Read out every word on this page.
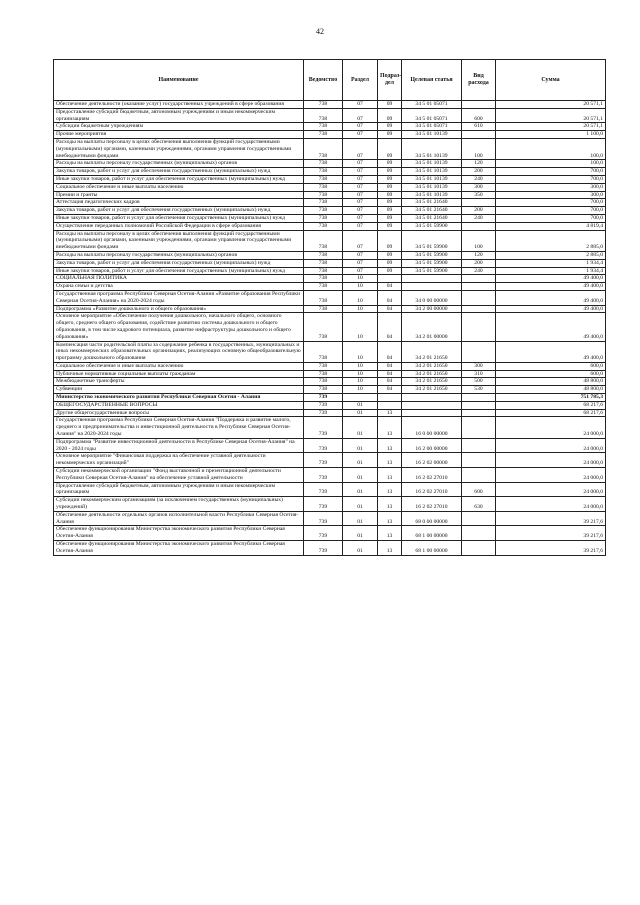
42
Наименование	Ведомство	Раздел	Подраз-дел	Целевая статья	Вид расхода	Сумма
Обеспечение деятельности (оказание услуг) государственных учреждений в сфере образования	738	07	09	34 5 01 05071		20 571,1
Предоставление субсидий бюджетным, автономным учреждениям и иным некоммерческим организациям	738	07	09	34 5 01 05071	600	20 571,1
Субсидии бюджетным учреждениям	738	07	09	34 5 01 05071	610	20 571,1
Прочие мероприятия	738	07	09	34 5 01 10139		1 100,0
Расходы на выплаты персоналу в целях обеспечения выполнения функций государственными (муниципальными) органами, казенными учреждениями, органами управления государственными внебюджетными фондами	738	07	09	34 5 01 10139	100	100,0
Расходы на выплаты персоналу государственных (муниципальных) органов	738	07	09	34 5 01 10139	120	100,0
Закупка товаров, работ и услуг для обеспечения государственных (муниципальных) нужд	738	07	09	34 5 01 10139	200	700,0
Иные закупки товаров, работ и услуг для обеспечения государственных (муниципальных) нужд	738	07	09	34 5 01 10139	240	700,0
Социальное обеспечение и иные выплаты населению	738	07	09	34 5 01 10139	300	300,0
Премии и гранты	738	07	09	34 5 01 10139	350	300,0
Аттестация педагогических кадров	738	07	09	34 5 01 21640		700,0
Закупка товаров, работ и услуг для обеспечения государственных (муниципальных) нужд	738	07	09	34 5 01 21640	200	700,0
Иные закупки товаров, работ и услуг для обеспечения государственных (муниципальных) нужд	738	07	09	34 5 01 21640	240	700,0
Осуществление переданных полномочий Российской Федерации в сфере образования	738	07	09	34 5 01 59900		4 819,4
Расходы на выплаты персоналу в целях обеспечения выполнения функций государственными (муниципальными) органами, казенными учреждениями, органами управления государственными внебюджетными фондами	738	07	09	34 5 01 59900	100	2 885,0
Расходы на выплаты персоналу государственных (муниципальных) органов	738	07	09	34 5 01 59900	120	2 885,0
Закупка товаров, работ и услуг для обеспечения государственных (муниципальных) нужд	738	07	09	34 5 01 59900	200	1 934,4
Иные закупки товаров, работ и услуг для обеспечения государственных (муниципальных) нужд	738	07	09	34 5 01 59900	240	1 934,4
СОЦИАЛЬНАЯ ПОЛИТИКА	738	10				49 400,0
Охрана семьи и детства	738	10	04			49 400,0
Государственная программа Республики Северная Осетия-Алания «Развитие образования Республики Северная Осетия-Алания» на 2020-2024 годы	738	10	04	34 0 00 00000		49 400,0
Подпрограмма «Развитие дошкольного и общего образования»	738	10	04	34 2 00 00000		49 400,0
Основное мероприятие «Обеспечение получения дошкольного, начального общего, основного общего, среднего общего образования, содействие развитию системы дошкольного и общего образования, в том числе кадрового потенциала, развитие инфраструктуры дошкольного и общего образования»	738	10	04	34 2 01 00000		49 400,0
Компенсация части родительской платы за содержание ребенка в государственных, муниципальных и иных некоммерческих образовательных организациях, реализующих основную общеобразовательную программу дошкольного образования	738	10	04	34 2 01 21650		49 400,0
Социальное обеспечение и иные выплаты населению	738	10	04	34 2 01 21650	300	600,0
Публичные нормативные социальные выплаты гражданам	738	10	04	34 2 01 21650	310	600,0
Межбюджетные трансферты	738	10	04	34 2 01 21650	500	48 800,0
Субвенции	738	10	04	34 2 01 21650	530	48 800,0
Министерство экономического развития Республики Северная Осетия - Алания	739					751 785,3
ОБЩЕГОСУДАРСТВЕННЫЕ ВОПРОСЫ	739	01				68 217,6
Другие общегосударственные вопросы	739	01	13			68 217,6
Государственная программа Республики Северная Осетия-Алания "Поддержка и развитие малого, среднего и предпринимательства и инвестиционной деятельности в Республике Северная Осетия-Алания" на 2020-2024 годы	739	01	13	16 0 00 00000		24 000,0
Подпрограмма "Развитие инвестиционной деятельности в Республике Северная Осетия-Алания" на 2020 - 2024 годы	739	01	13	16 2 00 00000		24 000,0
Основное мероприятие "Финансовая поддержка на обеспечение уставной деятельности некоммерческих организаций"	739	01	13	16 2 02 00000		24 000,0
Субсидии некоммерческой организации "Фонд выставочной и презентационной деятельности Республики Северная Осетия-Алания" на обеспечение уставной деятельности	739	01	13	16 2 02 27010		24 000,0
Предоставление субсидий бюджетным, автономным учреждениям и иным некоммерческим организациям	739	01	13	16 2 02 27010	600	24 000,0
Субсидии некоммерческим организациям (за исключением государственных (муниципальных) учреждений)	739	01	13	16 2 02 27010	630	24 000,0
Обеспечение деятельности отдельных органов исполнительной власти Республики Северная Осетия-Алания	739	01	13	68 0 00 00000		39 217,6
Обеспечение функционирования Министерства экономического развития Республики Северная Осетия-Алания	739	01	13	68 1 00 00000		39 217,6
Обеспечение функционирования Министерства экономического развития Республики Северная Осетия-Алания	739	01	13	68 1 00 00000		39 217,6
